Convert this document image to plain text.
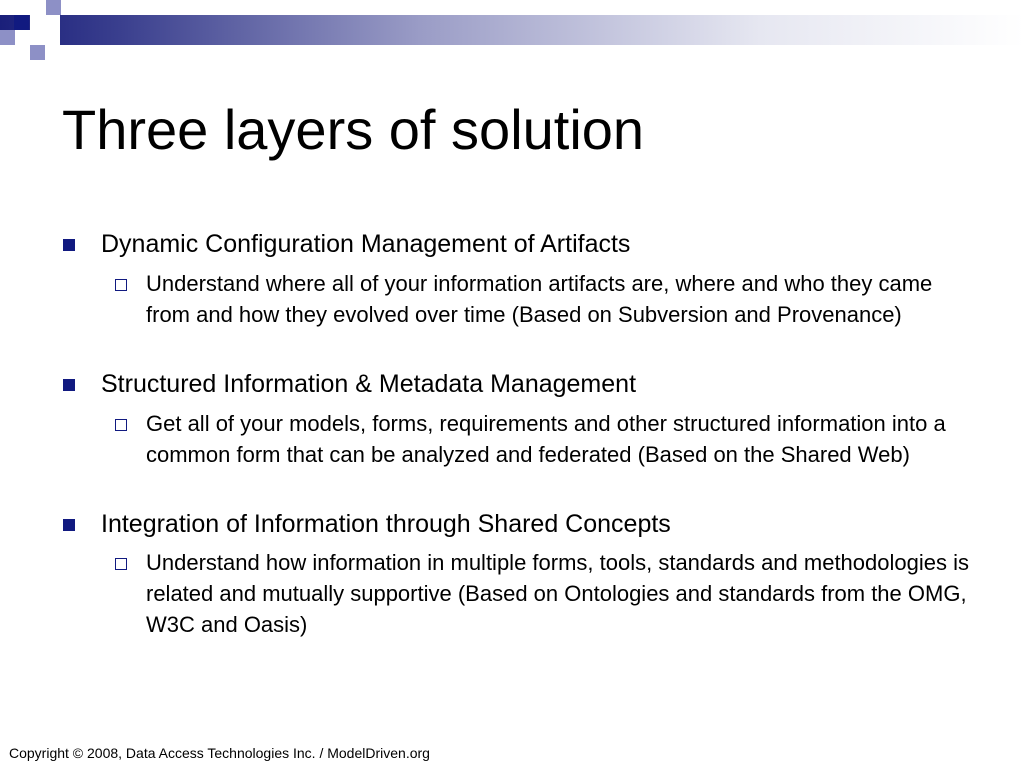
Three layers of solution
Dynamic Configuration Management of Artifacts
Understand where all of your information artifacts are, where and who they came from and how they evolved over time (Based on Subversion and Provenance)
Structured Information & Metadata Management
Get all of your models, forms, requirements and other structured information into a common form that can be analyzed and federated (Based on the Shared Web)
Integration of Information through Shared Concepts
Understand how information in multiple forms, tools, standards and methodologies is related and mutually supportive (Based on Ontologies and standards from the OMG, W3C and Oasis)
Copyright © 2008, Data Access Technologies Inc. / ModelDriven.org
